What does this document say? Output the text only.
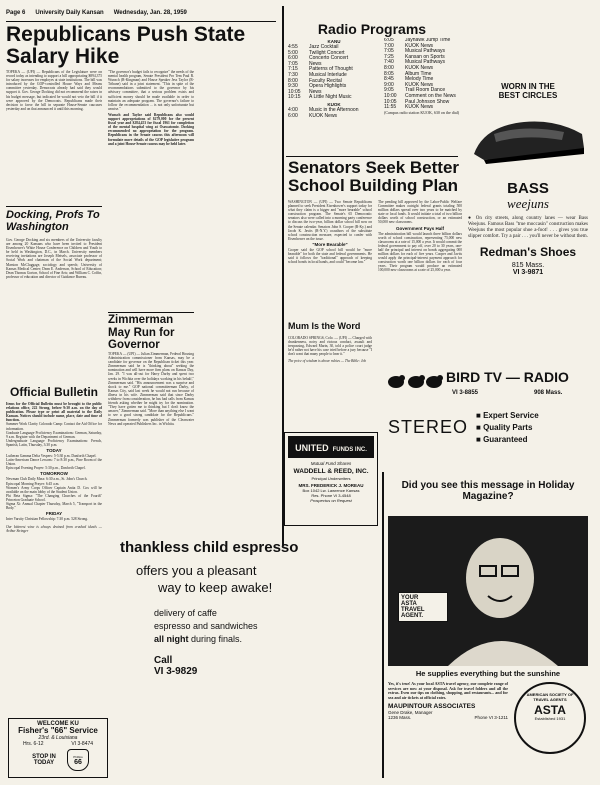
Page 6 University Daily Kansan Wednesday, Jan. 28, 1959
Republicans Push State Salary Hike

TOPEKA — (UPI) — Republicans of the Legislature were on record today as intending to support a bill appropriating $894,375 for salary increases for employes at state institutions. The bill was introduced by the GOP-controlled House Ways and Means committee yesterday. Democrats already had said they would support it. Gov. George Docking did not recommend the raises in his budget message, but indicated he would not veto the bill if it were approved by the Democrats. Republicans made their decision to favor the bill in separate House-Senate caucuses yesterday and on that announced it until this morning.

"The governor's budget fails to recognize" the needs of the mental health program, Senate President Pro Tem Paul R. Wunsch (R-Kingman) and House Speaker Jess Taylor (R-Tribune) said in a joint statement. "This in spite of the recommendations submitted to the governor by his advisory committee, that a serious problem exists and sufficient money should be made available in order to maintain an adequate program. The governor's failure to follow the recommendation ... is not only unfortunate but unwise."

Wunsch and Taylor said Republicans also would support appropriations of $279,000 for the present fiscal year and $284,453 for fiscal 1961 for completion of the mental hospital wing at Osawatomie. Docking recommended no appropriation for the program. Republicans in the Senate caucus this afternoon will formulate more details of the GOP legislative program and a joint House-Senate caucus may be held later.

Docking, Profs To Washington

Gov. George Docking and six members of the University faculty are among 20 Kansans who have been invited to President Eisenhower's White House Conference on Children and Youth to be held in Washington, D.C., in March. University members receiving invitations are Joseph Meisels, associate professor of Social Work and chairman of the Social Work department; Marston McCluggage, sociology and speech; University of Kansas Medical Center; Dean E. Anderson, School of Education; Dean Thomas Gorton, School of Fine Arts; and William C. Coffin, professor of education and director of Guidance Bureau.

Official Bulletin

Items for the Official Bulletin must be brought to the public relations office, 222 Strong, before 9:30 a.m. on the day of publication. Please type or print all material to the Daily Kansan. Notices should include name, place, date and time of function.

Summer Work Clarity Colorado Camp: Contact the Aid Office for information.

Graduate Language Proficiency Examinations: German, Saturday, 9 a.m. Register with the Department of German.

Undergraduate Language Proficiency Examinations: French, Spanish, Latin, Thursday, 3:30 p.m.

TODAY

Lutheran Gamma Delta Vespers: 5-5:30 p.m. Danforth Chapel.

Latin-American Dance Lessons: 7 to 8:30 p.m., Pine Room of the Union.

Episcopal Evening Prayer: 5:30 p.m., Danforth Chapel.

TOMORROW

Newman Club Daily Mass: 6:30 a.m., St. John's Church.

Episcopal Morning Prayer: 6:45 a.m.

Women's Army Corps Officer Captain Anita D. Cox will be available on the main lobby of the Student Union.

Phi Beta Sigma: "The Changing Churches of the Fourth" Princeton Graduate School.

Sigma Xi: Annual Chapter Thursday, March 5, "Transport in the Body."

FRIDAY

Inter Varsity Christian Fellowship: 7:30 p.m. 528 Strong.

Our bitterest wine is always drained from crushed ideals — Arthur Stringer

Zimmerman May Run for Governor

TOPEKA — (UPI) — Julian Zimmerman, Federal Housing Administration commissioner from Kansas, may be a candidate for governor on the Republican ticket this year. Zimmerman said he is "thinking about" seeking the nomination and will have more firm plans on Kansas Day, Jan. 29. "I was all-out for Harry Darby and spent two weeks in Wichita over the holidays working in his behalf," Zimmerman said. "His announcement was a surprise and shock to me." GOP national committeeman Darby, of Kansas City, said last week he would not run because of illness in his wife. Zimmerman said that since Darby withdrew from consideration, he has had calls from Kansas friends asking whether he might try for the nomination. "They have gotten me to thinking but I don't know the answer," Zimmerman said. "More than anything else I want to see a good strong candidate for the Republicans." Zimmerman formerly was publisher of the Clearwater News and operated Publishers Inc. in Wichita.

Radio Programs
KANU
4:55	Jazz Cocktail
5:00	Twilight Concert
6:00	Concerto Concert
7:05	News
7:15	Patterns of Thought
7:30	Musical Interlude
8:00	Faculty Recital
9:30	Opera Highlights
10:05	News
10:15	A Little Night Music
KUOK
4:00	Music in the Afternoon
6:00	KUOK News
6:05	Jayhawk Jump Time
7:00	KUOK News
7:05	Musical Pathways
7:25	Kansan on Sports
7:40	Musical Pathways
8:00	KUOK News
8:05	Album Time
8:45	Melody Time
9:00	KUOK News
9:05	Trail Room Dance
10:00	Comment on the News
10:05	Paul Johnson Show
11:55	KUOK News
(Campus radio station KUOK, 630 on the dial)
WORN IN THE BEST CIRCLES
BASS
weejuns

● On city streets, along country lanes — wear Bass Weejuns. Famous Bass "true moccasin" construction makes Weejuns the most popular shoe a-foot! . . . gives you true slipper comfort. Try a pair . . . you'll never be without them.

Redman's Shoes
815 Mass.
VI 3-9871
Senators Seek Better School Building Plan

WASHINGTON — (UPI) — Two Senate Republicans planned to seek President Eisenhower's support today for what they claim is a bigger and "more bearable" school construction program. The Senate's 65 Democratic senators also were called into a morning party conference to discuss the two-year, billion dollar school bill now on the Senate calendar. Senators John S. Cooper (R-Ky.) and Jacob K. Javits (R-N.Y.) coauthors of the substitute school construction measure, expected to confer with Eisenhower on the issue.

"More Bearable"

Cooper said the GOP school bill would be "more bearable" for both the state and federal governments. He said it follows the "traditional" approach of keeping school bonds in local hands, and could "become law."

The pending bill approved by the Labor-Public Welfare Committee makes outright federal grants totaling 500 million dollars spread over two years to be matched by state or local funds. It would initiate a total of two billion dollars worth of school construction, or an estimated 50,000 new classrooms.

Government Pays Half

The administration bill would launch three billion dollars worth of school construction, representing 75,000 new classrooms at a rate of 15,000 a year. It would commit the federal government to pay off, over 20 to 30 years, one-half the principal and interest on bonds aggregating 000 million dollars for each of five years. Cooper and Javits would apply the principal-interest payment approach for construction worth one billion dollars for each of four years. Their program would produce an estimated 100,000 new classrooms at a rate of 25,000 a year.

Mum Is the Word

COLORADO SPRINGS, Colo. — (UPI) — Charged with drunkenness, noisy and riotous conduct, assault and trespassing, Edward Marin, 30, told a police court judge he'd rather not have his case tried before a jury because "I don't want that many people to hear it."

The price of wisdom is above rubies — The Bible: Job

UNITED FUNDS INC.
Mutual Fund Shares
WADDELL & REED, INC.
Principal Underwriters
MRS. FREDERICK J. MOREAU
Box 1042 Lw. Lawrence Kansas
Res. Phone VI 3-4548
Prospectus on Request
BIRD TV — RADIO
VI 3-8855	908 Mass.
STEREO
■ Expert Service
■ Quality Parts
■ Guaranteed
thankless child espresso
offers you a pleasant
way to keep awake!
delivery of caffe
espresso and sandwiches
all night during finals.
Call
VI 3-9829
WELCOME KU
Fisher's "66" Service
23rd. & Louisiana
Hrs. 6-12	VI 3-8474
STOP IN TODAY
Phillips
66
Did you see this message in Holiday Magazine?
YOUR
ASTA
TRAVEL
AGENT.
He supplies everything but the sunshine

Yes, it's true! As your local ASTA travel agency, our complete range of services are now at your disposal. Ask for travel folders and all the extras. Even our tips on clothing, shopping, and restaurants... and for sea and air tickets at official rates.

MAUPINTOUR ASSOCIATES
Gene Drake, Manager
1236 Mass.	Phone VI 3-1211
AMERICAN SOCIETY OF TRAVEL AGENTS
ASTA
Established 1931
